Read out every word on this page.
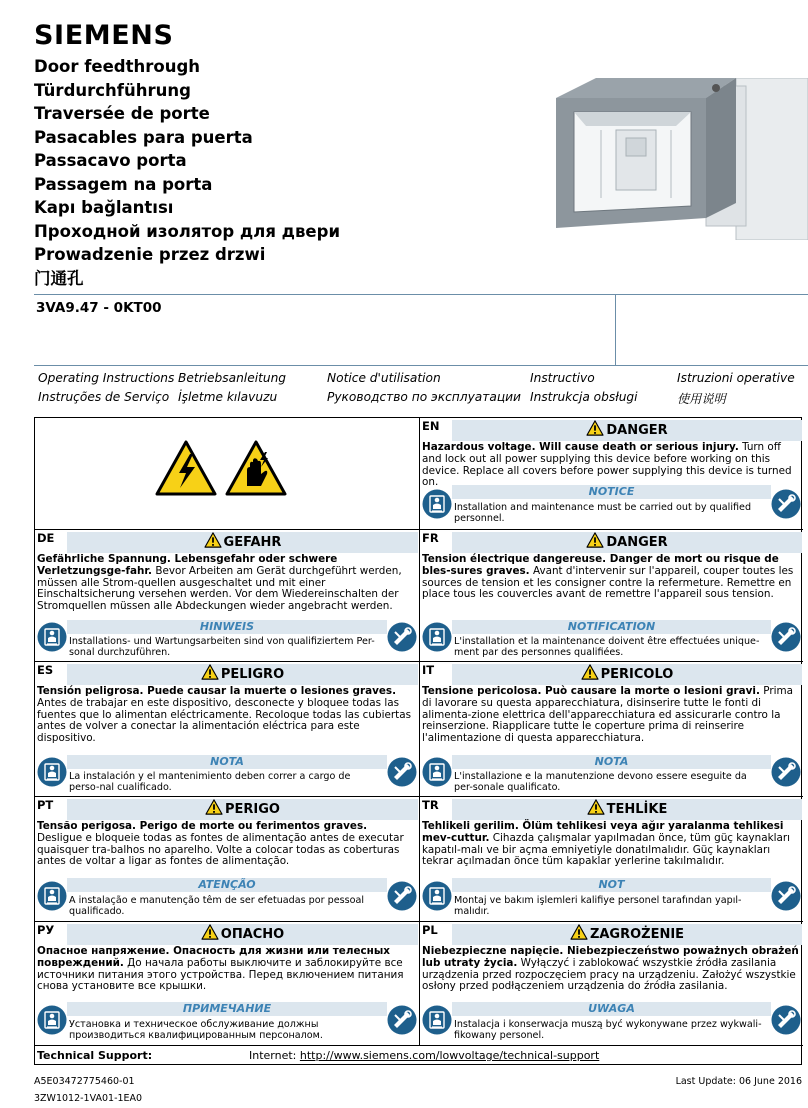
SIEMENS
Door feedthrough
Türdurchführung
Traversée de porte
Pasacables para puerta
Passacavo porta
Passagem na porta
Kapı bağlantısı
Проходной изолятор для двери
Prowadzenie przez drzwi
门通孔
3VA9.47 - 0KT00
Operating Instructions Betriebsanleitung	Notice d'utilisation	Instructivo	Istruzioni operative
Instruções de Serviço İşletme kılavuzu	Руководство по эксплуатации Instrukcja obsługi	使用说明
EN	DANGER
Hazardous voltage. Will cause death or serious injury. Turn off and lock out all power supplying this device before working on this device. Replace all covers before power supplying this device is turned on.
NOTICE
Installation and maintenance must be carried out by qualified personnel.
DE	GEFAHR
Gefährliche Spannung. Lebensgefahr oder schwere Verletzungsge-fahr. Bevor Arbeiten am Gerät durchgeführt werden, müssen alle Strom-quellen ausgeschaltet und mit einer Einschaltsicherung versehen werden. Vor dem Wiedereinschalten der Stromquellen müssen alle Abdeckungen wieder angebracht werden.
HINWEIS
Installations- und Wartungsarbeiten sind von qualifiziertem Per-sonal durchzuführen.
FR	DANGER
Tension électrique dangereuse. Danger de mort ou risque de bles-sures graves. Avant d'intervenir sur l'appareil, couper toutes les sources de tension et les consigner contre la refermeture. Remettre en place tous les couvercles avant de remettre l'appareil sous tension.
NOTIFICATION
L'installation et la maintenance doivent être effectuées unique-ment par des personnes qualifiées.
ES	PELIGRO
Tensión peligrosa. Puede causar la muerte o lesiones graves. Antes de trabajar en este dispositivo, desconecte y bloquee todas las fuentes que lo alimentan eléctricamente. Recoloque todas las cubiertas antes de volver a conectar la alimentación eléctrica para este dispositivo.
NOTA
La instalación y el mantenimiento deben correr a cargo de perso-nal cualificado.
IT	PERICOLO
Tensione pericolosa. Può causare la morte o lesioni gravi. Prima di lavorare su questa apparecchiatura, disinserire tutte le fonti di alimenta-zione elettrica dell'apparecchiatura ed assicurarle contro la reinserzione. Riapplicare tutte le coperture prima di reinserire l'alimentazione di questa apparecchiatura.
NOTA
L'installazione e la manutenzione devono essere eseguite da per-sonale qualificato.
PT	PERIGO
Tensão perigosa. Perigo de morte ou ferimentos graves. Desligue e bloqueie todas as fontes de alimentação antes de executar quaisquer tra-balhos no aparelho. Volte a colocar todas as coberturas antes de voltar a ligar as fontes de alimentação.
ATENÇÃO
A instalação e manutenção têm de ser efetuadas por pessoal qualificado.
TR	TEHLİKE
Tehlikeli gerilim. Ölüm tehlikesi veya ağır yaralanma tehlikesi mev-cuttur. Cihazda çalışmalar yapılmadan önce, tüm güç kaynakları kapatıl-malı ve bir açma emniyetiyle donatılmalıdır. Güç kaynakları tekrar açılmadan önce tüm kapaklar yerlerine takılmalıdır.
NOT
Montaj ve bakım işlemleri kalifiye personel tarafından yapıl-malıdır.
РУ	ОПАСНО
Опасное напряжение. Опасность для жизни или телесных повреждений. До начала работы выключите и заблокируйте все источники питания этого устройства. Перед включением питания снова установите все крышки.
ПРИМЕЧАНИЕ
Установка и техническое обслуживание должны производиться квалифицированным персоналом.
PL	ZAGROŻENIE
Niebezpieczne napięcie. Niebezpieczeństwo poważnych obrażeń lub utraty życia. Wyłączyć i zablokować wszystkie źródła zasilania urządzenia przed rozpoczęciem pracy na urządzeniu. Założyć wszystkie osłony przed podłączeniem urządzenia do źródła zasilania.
UWAGA
Instalacja i konserwacja muszą być wykonywane przez wykwali-fikowany personel.
Technical Support:	Internet: http://www.siemens.com/lowvoltage/technical-support
A5E03472775460-01
3ZW1012-1VA01-1EA0
Last Update: 06 June 2016
